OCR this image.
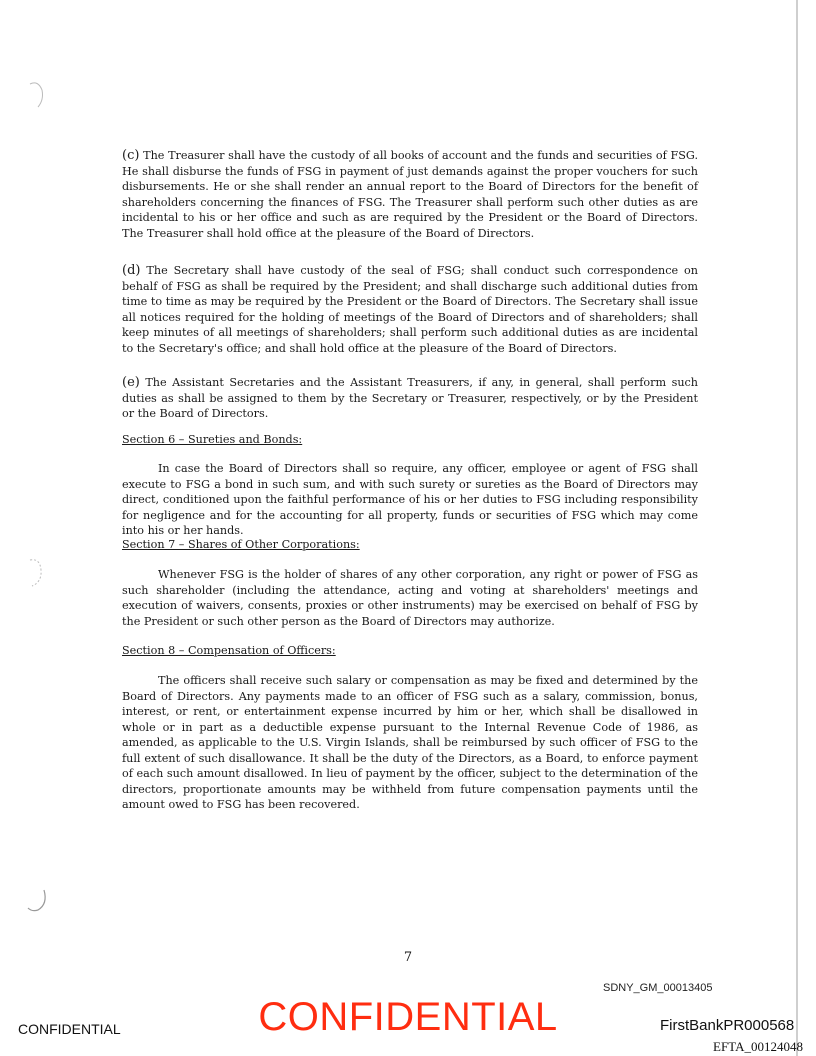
(c) The Treasurer shall have the custody of all books of account and the funds and securities of FSG. He shall disburse the funds of FSG in payment of just demands against the proper vouchers for such disbursements. He or she shall render an annual report to the Board of Directors for the benefit of shareholders concerning the finances of FSG. The Treasurer shall perform such other duties as are incidental to his or her office and such as are required by the President or the Board of Directors. The Treasurer shall hold office at the pleasure of the Board of Directors.

(d) The Secretary shall have custody of the seal of FSG; shall conduct such correspondence on behalf of FSG as shall be required by the President; and shall discharge such additional duties from time to time as may be required by the President or the Board of Directors. The Secretary shall issue all notices required for the holding of meetings of the Board of Directors and of shareholders; shall keep minutes of all meetings of shareholders; shall perform such additional duties as are incidental to the Secretary's office; and shall hold office at the pleasure of the Board of Directors.

(e) The Assistant Secretaries and the Assistant Treasurers, if any, in general, shall perform such duties as shall be assigned to them by the Secretary or Treasurer, respectively, or by the President or the Board of Directors.

Section 6 – Sureties and Bonds:

In case the Board of Directors shall so require, any officer, employee or agent of FSG shall execute to FSG a bond in such sum, and with such surety or sureties as the Board of Directors may direct, conditioned upon the faithful performance of his or her duties to FSG including responsibility for negligence and for the accounting for all property, funds or securities of FSG which may come into his or her hands.

Section 7 – Shares of Other Corporations:

Whenever FSG is the holder of shares of any other corporation, any right or power of FSG as such shareholder (including the attendance, acting and voting at shareholders' meetings and execution of waivers, consents, proxies or other instruments) may be exercised on behalf of FSG by the President or such other person as the Board of Directors may authorize.

Section 8 – Compensation of Officers:

The officers shall receive such salary or compensation as may be fixed and determined by the Board of Directors. Any payments made to an officer of FSG such as a salary, commission, bonus, interest, or rent, or entertainment expense incurred by him or her, which shall be disallowed in whole or in part as a deductible expense pursuant to the Internal Revenue Code of 1986, as amended, as applicable to the U.S. Virgin Islands, shall be reimbursed by such officer of FSG to the full extent of such disallowance. It shall be the duty of the Directors, as a Board, to enforce payment of each such amount disallowed. In lieu of payment by the officer, subject to the determination of the directors, proportionate amounts may be withheld from future compensation payments until the amount owed to FSG has been recovered.

7
CONFIDENTIAL
CONFIDENTIAL
SDNY_GM_00013405
FirstBankPR000568
EFTA_00124048
